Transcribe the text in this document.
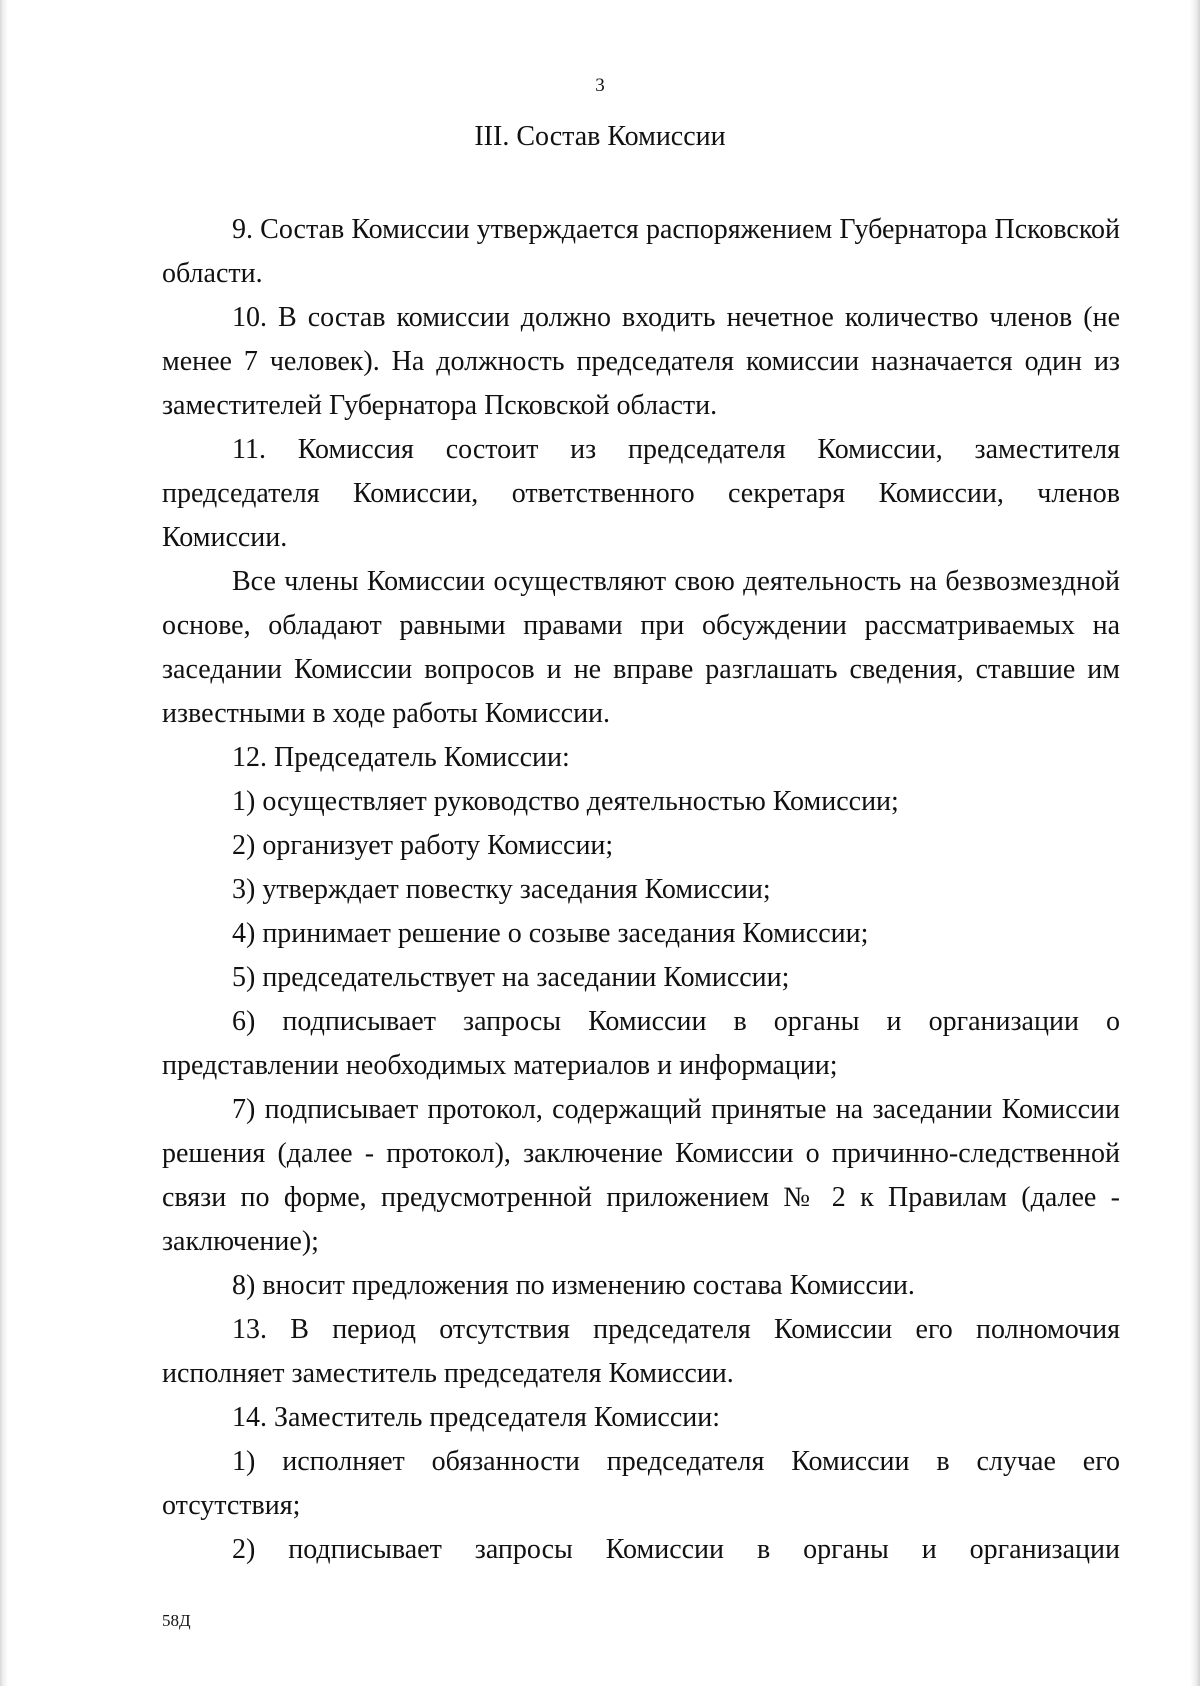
3
III. Состав Комиссии

9. Состав Комиссии утверждается распоряжением Губернатора Псковской области.

10. В состав комиссии должно входить нечетное количество членов (не менее 7 человек). На должность председателя комиссии назначается один из заместителей Губернатора Псковской области.

11. Комиссия состоит из председателя Комиссии, заместителя председателя Комиссии, ответственного секретаря Комиссии, членов Комиссии.

Все члены Комиссии осуществляют свою деятельность на безвозмездной основе, обладают равными правами при обсуждении рассматриваемых на заседании Комиссии вопросов и не вправе разглашать сведения, ставшие им известными в ходе работы Комиссии.

12. Председатель Комиссии:

1) осуществляет руководство деятельностью Комиссии;

2) организует работу Комиссии;

3) утверждает повестку заседания Комиссии;

4) принимает решение о созыве заседания Комиссии;

5) председательствует на заседании Комиссии;

6) подписывает запросы Комиссии в органы и организации о представлении необходимых материалов и информации;

7) подписывает протокол, содержащий принятые на заседании Комиссии решения (далее - протокол), заключение Комиссии о причинно-следственной связи по форме, предусмотренной приложением № 2 к Правилам (далее - заключение);

8) вносит предложения по изменению состава Комиссии.

13. В период отсутствия председателя Комиссии его полномочия исполняет заместитель председателя Комиссии.

14. Заместитель председателя Комиссии:

1) исполняет обязанности председателя Комиссии в случае его отсутствия;

2) подписывает запросы Комиссии в органы и организации

58Д
